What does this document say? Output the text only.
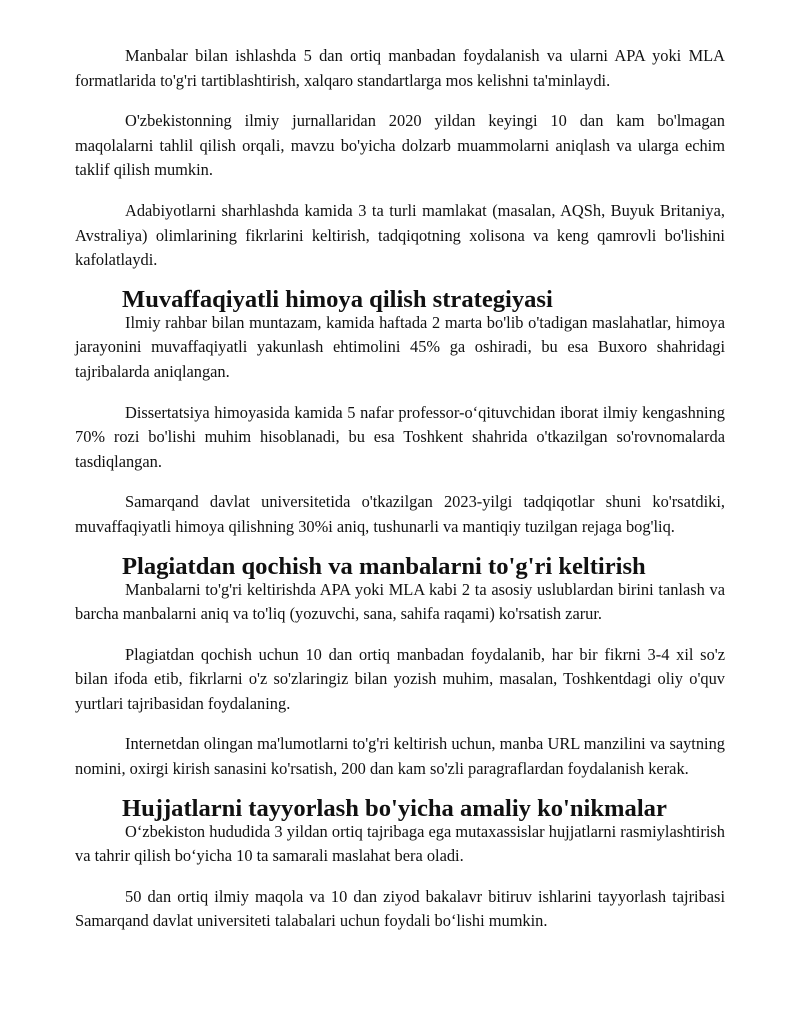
Manbalar bilan ishlashda 5 dan ortiq manbadan foydalanish va ularni APA yoki MLA formatlarida to'g'ri tartiblashtirish, xalqaro standartlarga mos kelishni ta'minlaydi.

O'zbekistonning ilmiy jurnallaridan 2020 yildan keyingi 10 dan kam bo'lmagan maqolalarni tahlil qilish orqali, mavzu bo'yicha dolzarb muammolarni aniqlash va ularga echim taklif qilish mumkin.

Adabiyotlarni sharhlashda kamida 3 ta turli mamlakat (masalan, AQSh, Buyuk Britaniya, Avstraliya) olimlarining fikrlarini keltirish, tadqiqotning xolisona va keng qamrovli bo'lishini kafolatlaydi.

Muvaffaqiyatli himoya qilish strategiyasi

Ilmiy rahbar bilan muntazam, kamida haftada 2 marta bo'lib o'tadigan maslahatlar, himoya jarayonini muvaffaqiyatli yakunlash ehtimolini 45% ga oshiradi, bu esa Buxoro shahridagi tajribalarda aniqlangan.

Dissertatsiya himoyasida kamida 5 nafar professor-o‘qituvchidan iborat ilmiy kengashning 70% rozi bo'lishi muhim hisoblanadi, bu esa Toshkent shahrida o'tkazilgan so'rovnomalarda tasdiqlangan.

Samarqand davlat universitetida o'tkazilgan 2023-yilgi tadqiqotlar shuni ko'rsatdiki, muvaffaqiyatli himoya qilishning 30%i aniq, tushunarli va mantiqiy tuzilgan rejaga bog'liq.

Plagiatdan qochish va manbalarni to'g'ri keltirish

Manbalarni to'g'ri keltirishda APA yoki MLA kabi 2 ta asosiy uslublardan birini tanlash va barcha manbalarni aniq va to'liq (yozuvchi, sana, sahifa raqami) ko'rsatish zarur.

Plagiatdan qochish uchun 10 dan ortiq manbadan foydalanib, har bir fikrni 3-4 xil so'z bilan ifoda etib, fikrlarni o'z so'zlaringiz bilan yozish muhim, masalan, Toshkentdagi oliy o'quv yurtlari tajribasidan foydalaning.

Internetdan olingan ma'lumotlarni to'g'ri keltirish uchun, manba URL manzilini va saytning nomini, oxirgi kirish sanasini ko'rsatish, 200 dan kam so'zli paragraflardan foydalanish kerak.

Hujjatlarni tayyorlash bo'yicha amaliy ko'nikmalar

O‘zbekiston hududida 3 yildan ortiq tajribaga ega mutaxassislar hujjatlarni rasmiylashtirish va tahrir qilish bo‘yicha 10 ta samarali maslahat bera oladi.

50 dan ortiq ilmiy maqola va 10 dan ziyod bakalavr bitiruv ishlarini tayyorlash tajribasi Samarqand davlat universiteti talabalari uchun foydali bo‘lishi mumkin.
